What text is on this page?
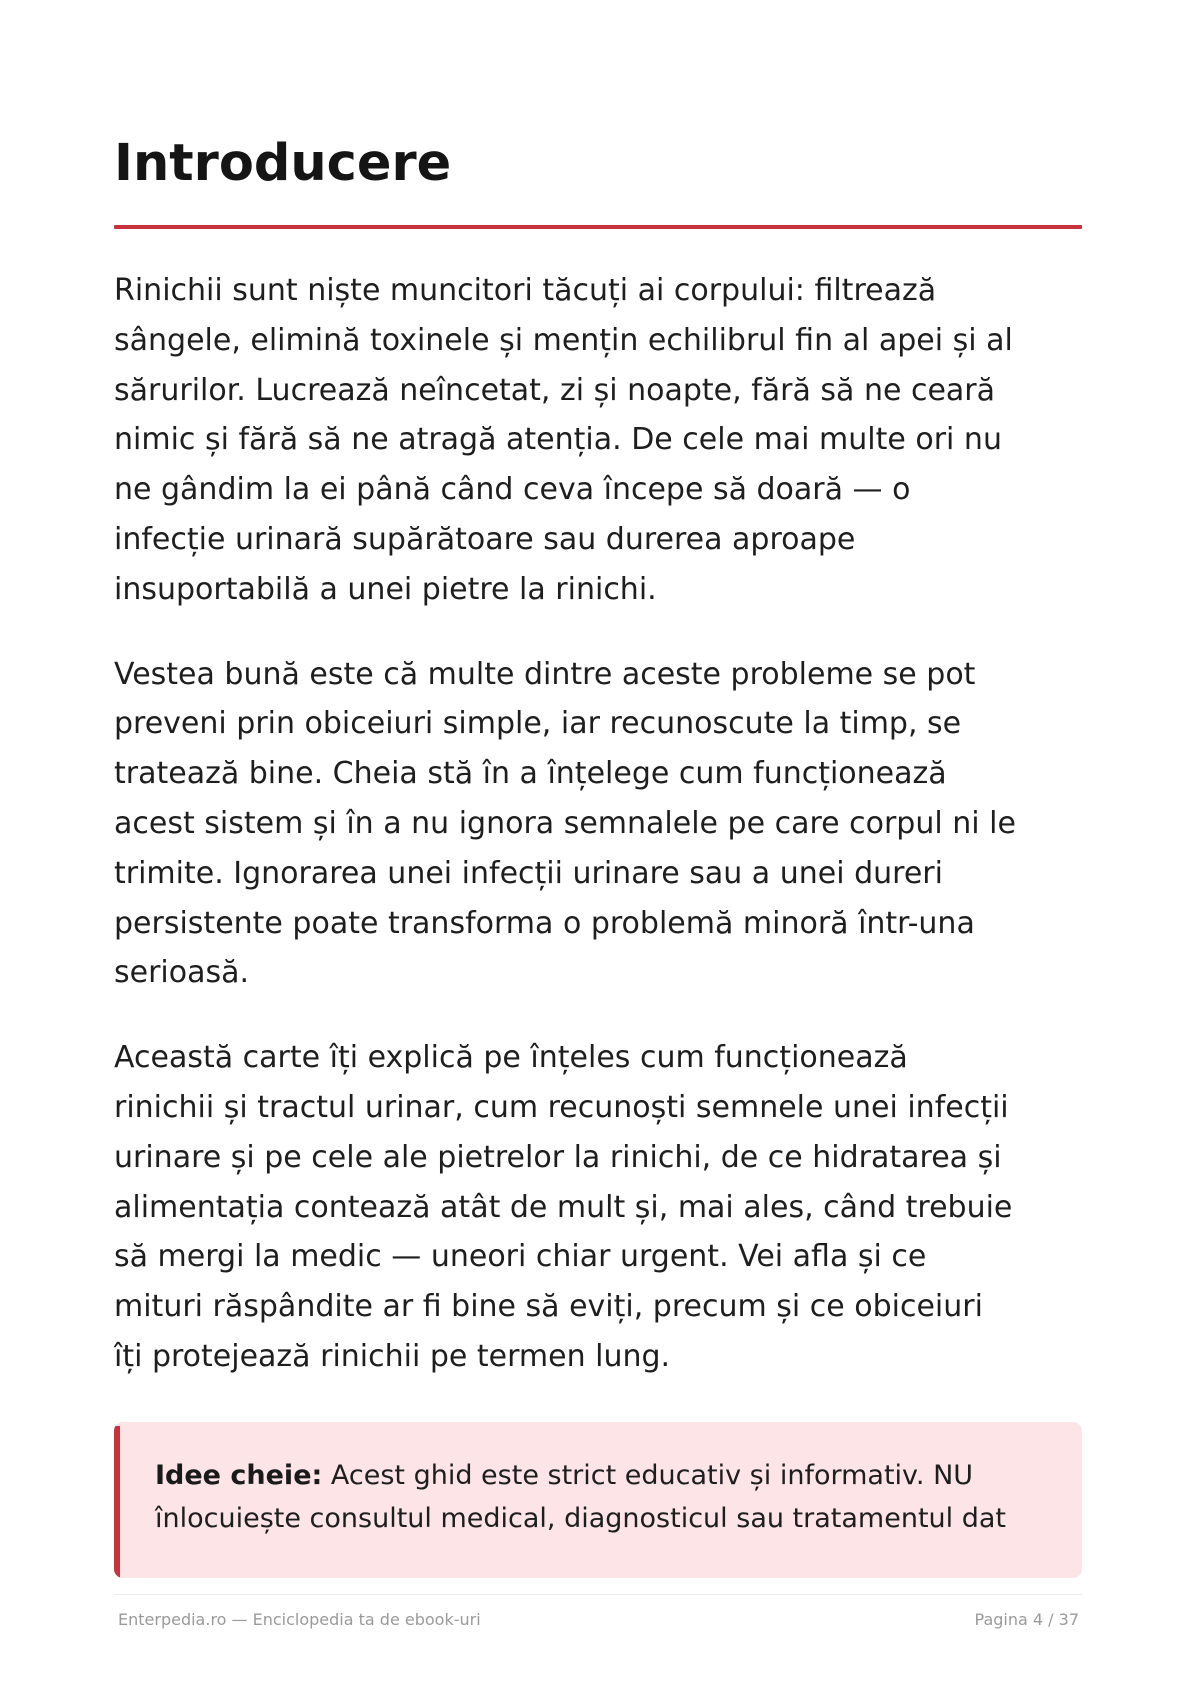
Introducere

Rinichii sunt niște muncitori tăcuți ai corpului: filtrează
sângele, elimină toxinele și mențin echilibrul fin al apei și al
sărurilor. Lucrează neîncetat, zi și noapte, fără să ne ceară
nimic și fără să ne atragă atenția. De cele mai multe ori nu
ne gândim la ei până când ceva începe să doară — o
infecție urinară supărătoare sau durerea aproape
insuportabilă a unei pietre la rinichi.

Vestea bună este că multe dintre aceste probleme se pot
preveni prin obiceiuri simple, iar recunoscute la timp, se
tratează bine. Cheia stă în a înțelege cum funcționează
acest sistem și în a nu ignora semnalele pe care corpul ni le
trimite. Ignorarea unei infecții urinare sau a unei dureri
persistente poate transforma o problemă minoră într-una
serioasă.

Această carte îți explică pe înțeles cum funcționează
rinichii și tractul urinar, cum recunoști semnele unei infecții
urinare și pe cele ale pietrelor la rinichi, de ce hidratarea și
alimentația contează atât de mult și, mai ales, când trebuie
să mergi la medic — uneori chiar urgent. Vei afla și ce
mituri răspândite ar fi bine să eviți, precum și ce obiceiuri
îți protejează rinichii pe termen lung.

Idee cheie: Acest ghid este strict educativ și informativ. NU
înlocuiește consultul medical, diagnosticul sau tratamentul dat
Enterpedia.ro — Enciclopedia ta de ebook-uri	Pagina 4 / 37
